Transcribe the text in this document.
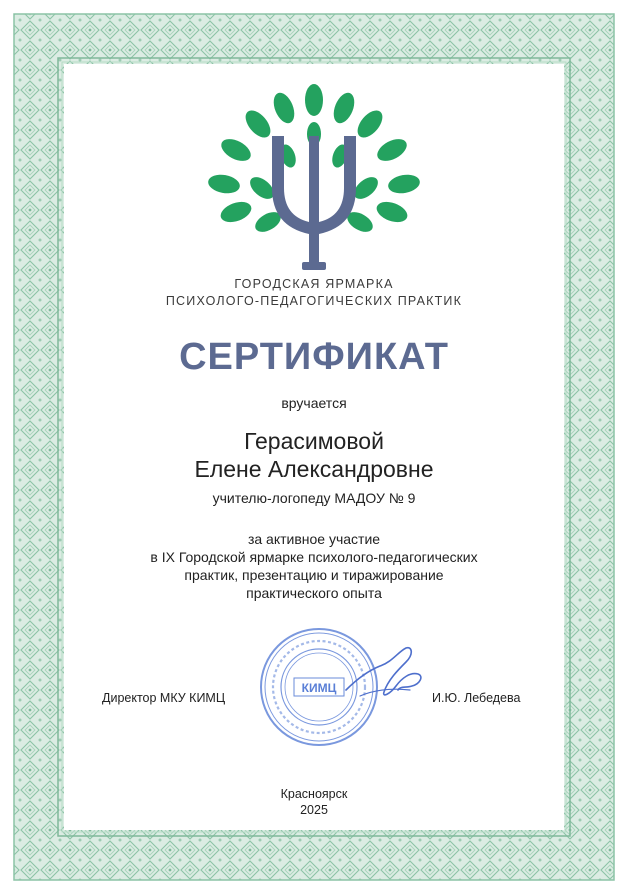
ГОРОДСКАЯ ЯРМАРКА
ПСИХОЛОГО-ПЕДАГОГИЧЕСКИХ ПРАКТИК
СЕРТИФИКАТ
вручается
Герасимовой
Елене Александровне
учителю-логопеду МАДОУ № 9
за активное участие
в IX Городской ярмарке психолого-педагогических
практик, презентацию и тиражирование
практического опыта
КИМЦ
Директор МКУ КИМЦ	И.Ю. Лебедева
Красноярск
2025
